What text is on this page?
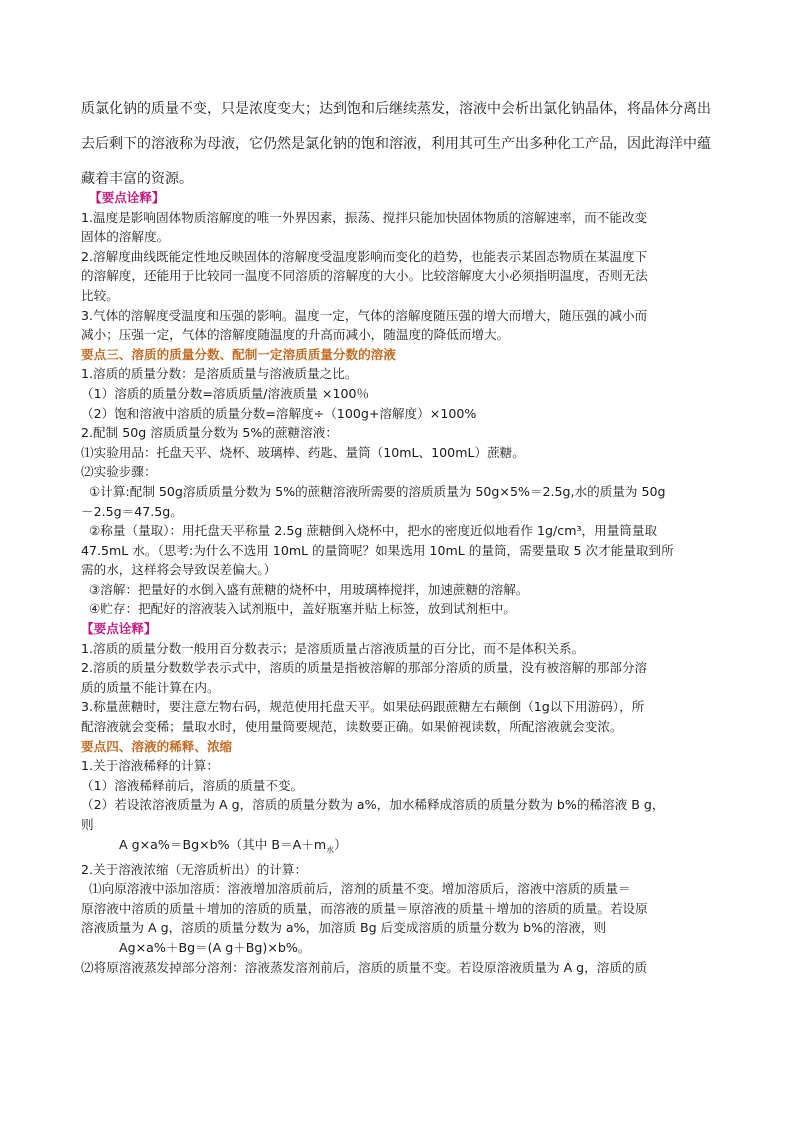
质氯化钠的质量不变，只是浓度变大；达到饱和后继续蒸发，溶液中会析出氯化钠晶体，将晶体分离出

去后剩下的溶液称为母液，它仍然是氯化钠的饱和溶液，利用其可生产出多种化工产品，因此海洋中蕴

藏着丰富的资源。

【要点诠释】

1.温度是影响固体物质溶解度的唯一外界因素，振荡、搅拌只能加快固体物质的溶解速率，而不能改变

固体的溶解度。

2.溶解度曲线既能定性地反映固体的溶解度受温度影响而变化的趋势，也能表示某固态物质在某温度下

的溶解度，还能用于比较同一温度不同溶质的溶解度的大小。比较溶解度大小必须指明温度，否则无法

比较。

3.气体的溶解度受温度和压强的影响。温度一定，气体的溶解度随压强的增大而增大，随压强的减小而

减小；压强一定，气体的溶解度随温度的升高而减小，随温度的降低而增大。

要点三、溶质的质量分数、配制一定溶质质量分数的溶液

1.溶质的质量分数：是溶质质量与溶液质量之比。

（1）溶质的质量分数=溶质质量/溶液质量 ×100％

（2）饱和溶液中溶质的质量分数=溶解度÷（100g+溶解度）×100%

2.配制 50g 溶质质量分数为 5%的蔗糖溶液：

⑴实验用品：托盘天平、烧杯、玻璃棒、药匙、量筒（10mL、100mL）蔗糖。

⑵实验步骤：

①计算:配制 50g溶质质量分数为 5%的蔗糖溶液所需要的溶质质量为 50g×5%＝2.5g,水的质量为 50g

－2.5g＝47.5g。

②称量（量取）：用托盘天平称量 2.5g 蔗糖倒入烧杯中，把水的密度近似地看作 1g/cm³，用量筒量取

47.5mL 水。（思考:为什么不选用 10mL 的量筒呢？如果选用 10mL 的量筒，需要量取 5 次才能量取到所

需的水，这样将会导致误差偏大。）

③溶解：把量好的水倒入盛有蔗糖的烧杯中，用玻璃棒搅拌，加速蔗糖的溶解。

④贮存：把配好的溶液装入试剂瓶中，盖好瓶塞并贴上标签，放到试剂柜中。

【要点诠释】

1.溶质的质量分数一般用百分数表示；是溶质质量占溶液质量的百分比，而不是体积关系。

2.溶质的质量分数数学表示式中，溶质的质量是指被溶解的那部分溶质的质量，没有被溶解的那部分溶

质的质量不能计算在内。

3.称量蔗糖时，要注意左物右码，规范使用托盘天平。如果砝码跟蔗糖左右颠倒（1g以下用游码），所

配溶液就会变稀；量取水时，使用量筒要规范，读数要正确。如果俯视读数，所配溶液就会变浓。

要点四、溶液的稀释、浓缩

1.关于溶液稀释的计算：

（1）溶液稀释前后，溶质的质量不变。

（2）若设浓溶液质量为 A g，溶质的质量分数为 a%，加水稀释成溶质的质量分数为 b%的稀溶液 B g，

则

A g×a%＝Bg×b%（其中 $B=A+m_水$）

2.关于溶液浓缩（无溶质析出）的计算：

⑴向原溶液中添加溶质：溶液增加溶质前后，溶剂的质量不变。增加溶质后，溶液中溶质的质量＝

原溶液中溶质的质量＋增加的溶质的质量，而溶液的质量＝原溶液的质量＋增加的溶质的质量。若设原

溶液质量为 A g，溶质的质量分数为 a%，加溶质 Bg 后变成溶质的质量分数为 b%的溶液，则

Ag×a%＋Bg＝(A g＋Bg)×b%。

⑵将原溶液蒸发掉部分溶剂：溶液蒸发溶剂前后，溶质的质量不变。若设原溶液质量为 A g，溶质的质
